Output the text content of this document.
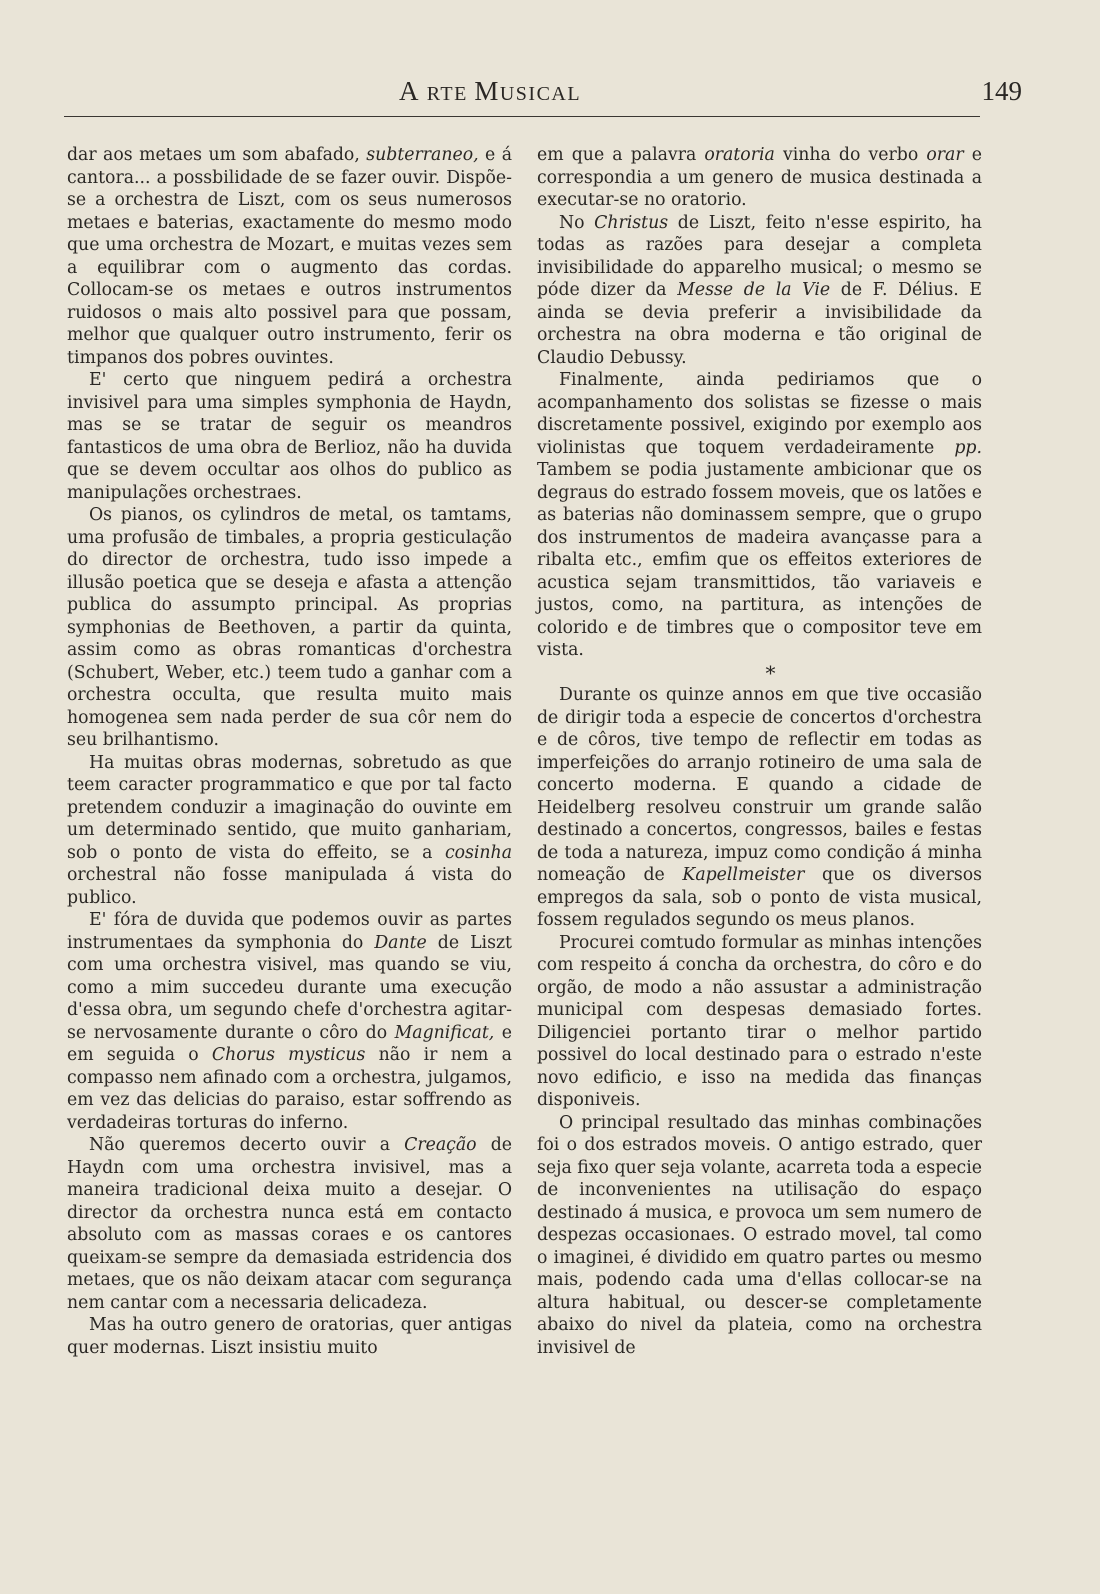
A RTE MUSICAL	149

dar aos metaes um som abafado, subterraneo, e á cantora... a possbilidade de se fazer ouvir. Dispõe-se a orchestra de Liszt, com os seus numerosos metaes e baterias, exactamente do mesmo modo que uma orchestra de Mozart, e muitas vezes sem a equilibrar com o augmento das cordas. Collocam-se os metaes e outros instrumentos ruidosos o mais alto possivel para que possam, melhor que qualquer outro instrumento, ferir os timpanos dos pobres ouvintes.

E' certo que ninguem pedirá a orchestra invisivel para uma simples symphonia de Haydn, mas se se tratar de seguir os meandros fantasticos de uma obra de Berlioz, não ha duvida que se devem occultar aos olhos do publico as manipulações orchestraes.

Os pianos, os cylindros de metal, os tamtams, uma profusão de timbales, a propria gesticulação do director de orchestra, tudo isso impede a illusão poetica que se deseja e afasta a attenção publica do assumpto principal. As proprias symphonias de Beethoven, a partir da quinta, assim como as obras romanticas d'orchestra (Schubert, Weber, etc.) teem tudo a ganhar com a orchestra occulta, que resulta muito mais homogenea sem nada perder de sua côr nem do seu brilhantismo.

Ha muitas obras modernas, sobretudo as que teem caracter programmatico e que por tal facto pretendem conduzir a imaginação do ouvinte em um determinado sentido, que muito ganhariam, sob o ponto de vista do effeito, se a cosinha orchestral não fosse manipulada á vista do publico.

E' fóra de duvida que podemos ouvir as partes instrumentaes da symphonia do Dante de Liszt com uma orchestra visivel, mas quando se viu, como a mim succedeu durante uma execução d'essa obra, um segundo chefe d'orchestra agitar-se nervosamente durante o côro do Magnificat, e em seguida o Chorus mysticus não ir nem a compasso nem afinado com a orchestra, julgamos, em vez das delicias do paraiso, estar soffrendo as verdadeiras torturas do inferno.

Não queremos decerto ouvir a Creação de Haydn com uma orchestra invisivel, mas a maneira tradicional deixa muito a desejar. O director da orchestra nunca está em contacto absoluto com as massas coraes e os cantores queixam-se sempre da demasiada estridencia dos metaes, que os não deixam atacar com segurança nem cantar com a necessaria delicadeza.

Mas ha outro genero de oratorias, quer antigas quer modernas. Liszt insistiu muito

em que a palavra oratoria vinha do verbo orar e correspondia a um genero de musica destinada a executar-se no oratorio.

No Christus de Liszt, feito n'esse espirito, ha todas as razões para desejar a completa invisibilidade do apparelho musical; o mesmo se póde dizer da Messe de la Vie de F. Délius. E ainda se devia preferir a invisibilidade da orchestra na obra moderna e tão original de Claudio Debussy.

Finalmente, ainda pediriamos que o acompanhamento dos solistas se fizesse o mais discretamente possivel, exigindo por exemplo aos violinistas que toquem verdadeiramente pp. Tambem se podia justamente ambicionar que os degraus do estrado fossem moveis, que os latões e as baterias não dominassem sempre, que o grupo dos instrumentos de madeira avançasse para a ribalta etc., emfim que os effeitos exteriores de acustica sejam transmittidos, tão variaveis e justos, como, na partitura, as intenções de colorido e de timbres que o compositor teve em vista.

*

Durante os quinze annos em que tive occasião de dirigir toda a especie de concertos d'orchestra e de côros, tive tempo de reflectir em todas as imperfeições do arranjo rotineiro de uma sala de concerto moderna. E quando a cidade de Heidelberg resolveu construir um grande salão destinado a concertos, congressos, bailes e festas de toda a natureza, impuz como condição á minha nomeação de Kapellmeister que os diversos empregos da sala, sob o ponto de vista musical, fossem regulados segundo os meus planos.

Procurei comtudo formular as minhas intenções com respeito á concha da orchestra, do côro e do orgão, de modo a não assustar a administração municipal com despesas demasiado fortes. Diligenciei portanto tirar o melhor partido possivel do local destinado para o estrado n'este novo edificio, e isso na medida das finanças disponiveis.

O principal resultado das minhas combinações foi o dos estrados moveis. O antigo estrado, quer seja fixo quer seja volante, acarreta toda a especie de inconvenientes na utilisação do espaço destinado á musica, e provoca um sem numero de despezas occasionaes. O estrado movel, tal como o imaginei, é dividido em quatro partes ou mesmo mais, podendo cada uma d'ellas collocar-se na altura habitual, ou descer-se completamente abaixo do nivel da plateia, como na orchestra invisivel de
